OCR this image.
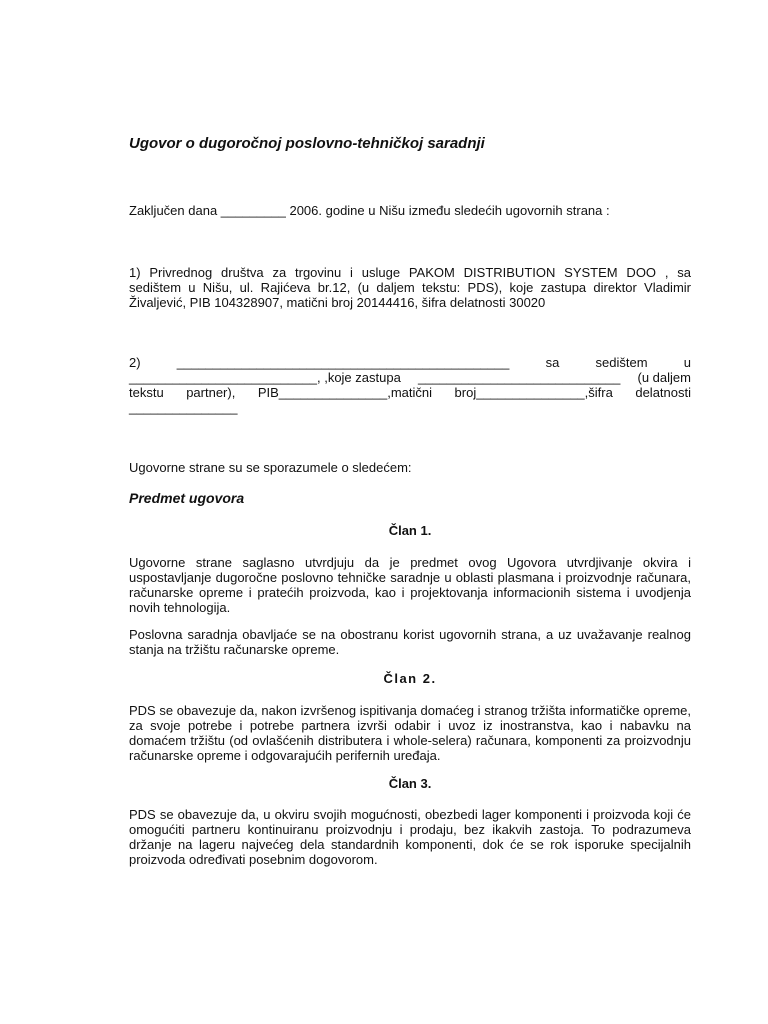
Ugovor o dugoročnoj poslovno-tehničkoj saradnji

Zaključen dana _________ 2006. godine u Nišu između sledećih ugovornih strana :

1) Privrednog društva za trgovinu i usluge PAKOM DISTRIBUTION SYSTEM DOO , sa
sedištem u Nišu, ul. Rajićeva br.12, (u daljem tekstu: PDS), koje zastupa direktor Vladimir
Živaljević, PIB 104328907, matični broj 20144416, šifra delatnosti 30020
2)	______________________________________________	sa	sedištem	u
__________________________, ,koje zastupa ____________________________ (u daljem
tekstu partner), PIB_______________,matični broj_______________,šifra delatnosti
_______________

Ugovorne strane su se sporazumele o sledećem:

Predmet ugovora

Član 1.

Ugovorne strane saglasno utvrdjuju da je predmet ovog Ugovora utvrdjivanje okvira i uspostavljanje dugoročne poslovno tehničke saradnje u oblasti plasmana i proizvodnje računara, računarske opreme i pratećih proizvoda, kao i projektovanja informacionih sistema i uvodjenja novih tehnologija.

Poslovna saradnja obavljaće se na obostranu korist ugovornih strana, a uz uvažavanje realnog stanja na tržištu računarske opreme.

Član 2.

PDS se obavezuje da, nakon izvršenog ispitivanja domaćeg i stranog tržišta informatičke opreme, za svoje potrebe i potrebe partnera izvrši odabir i uvoz iz inostranstva, kao i nabavku na domaćem tržištu (od ovlašćenih distributera i whole-selera) računara, komponenti za proizvodnju računarske opreme i odgovarajućih perifernih uređaja.

Član 3.

PDS se obavezuje da, u okviru svojih mogućnosti, obezbedi lager komponenti i proizvoda koji će omogućiti partneru kontinuiranu proizvodnju i prodaju, bez ikakvih zastoja. To podrazumeva držanje na lageru najvećeg dela standardnih komponenti, dok će se rok isporuke specijalnih proizvoda određivati posebnim dogovorom.
